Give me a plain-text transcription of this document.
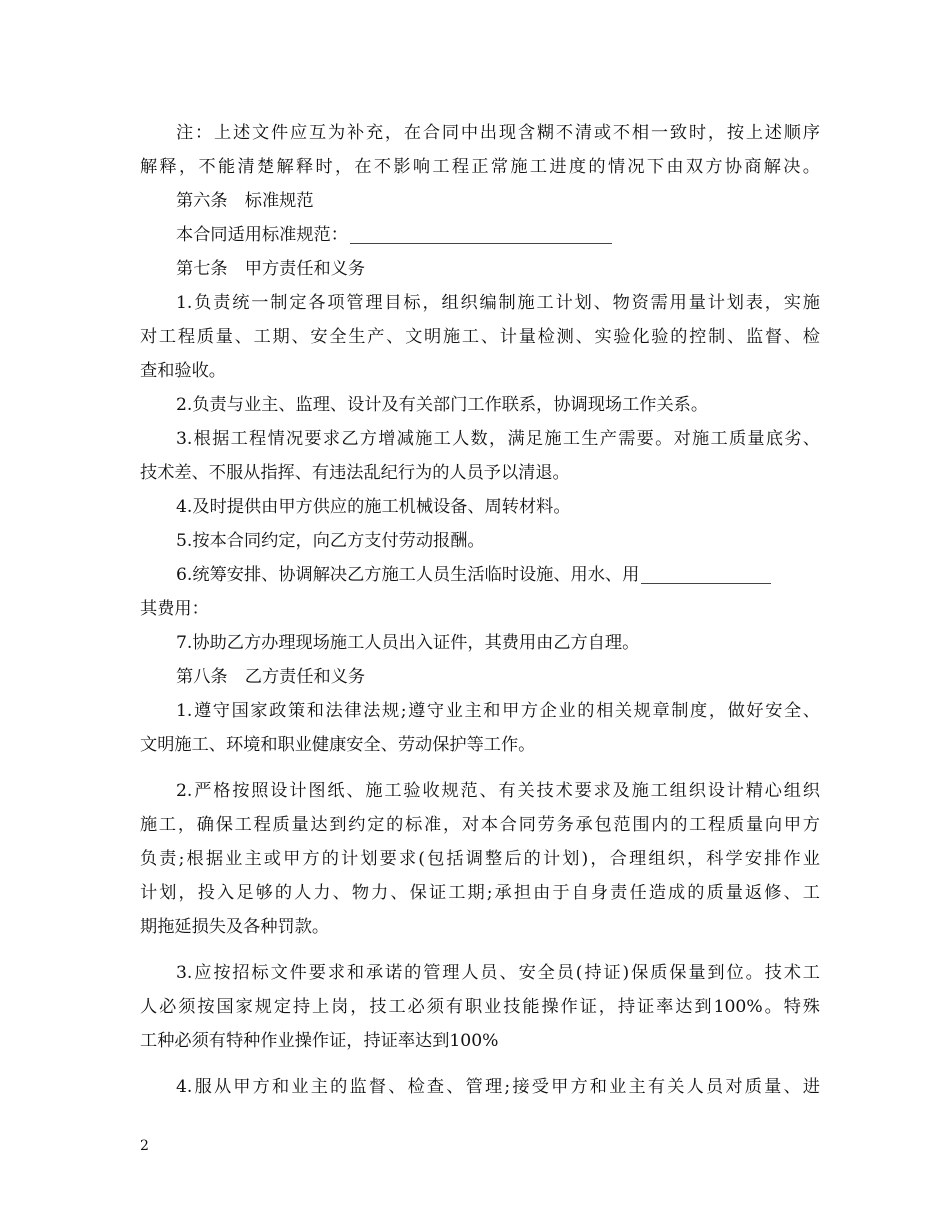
注：上述文件应互为补充，在合同中出现含糊不清或不相一致时，按上述顺序
解释，不能清楚解释时，在不影响工程正常施工进度的情况下由双方协商解决。
第六条　标准规范
本合同适用标准规范：
第七条　甲方责任和义务
1.负责统一制定各项管理目标，组织编制施工计划、物资需用量计划表，实施
对工程质量、工期、安全生产、文明施工、计量检测、实验化验的控制、监督、检
查和验收。
2.负责与业主、监理、设计及有关部门工作联系，协调现场工作关系。
3.根据工程情况要求乙方增减施工人数，满足施工生产需要。对施工质量底劣、
技术差、不服从指挥、有违法乱纪行为的人员予以清退。
4.及时提供由甲方供应的施工机械设备、周转材料。
5.按本合同约定，向乙方支付劳动报酬。
6.统筹安排、协调解决乙方施工人员生活临时设施、用水、用
其费用：
7.协助乙方办理现场施工人员出入证件，其费用由乙方自理。
第八条　乙方责任和义务
1.遵守国家政策和法律法规;遵守业主和甲方企业的相关规章制度，做好安全、
文明施工、环境和职业健康安全、劳动保护等工作。
2.严格按照设计图纸、施工验收规范、有关技术要求及施工组织设计精心组织
施工，确保工程质量达到约定的标准，对本合同劳务承包范围内的工程质量向甲方
负责;根据业主或甲方的计划要求(包括调整后的计划)，合理组织，科学安排作业
计划，投入足够的人力、物力、保证工期;承担由于自身责任造成的质量返修、工
期拖延损失及各种罚款。
3.应按招标文件要求和承诺的管理人员、安全员(持证)保质保量到位。技术工
人必须按国家规定持上岗，技工必须有职业技能操作证，持证率达到100%。特殊
工种必须有特种作业操作证，持证率达到100%
4.服从甲方和业主的监督、检查、管理;接受甲方和业主有关人员对质量、进
2
